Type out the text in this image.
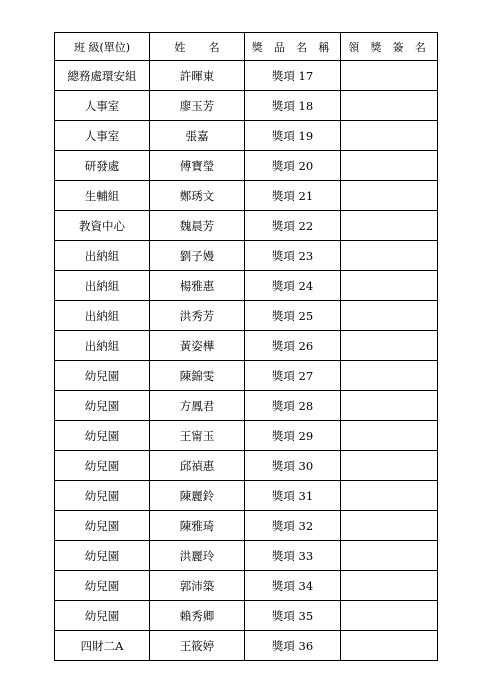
班 級(單位)	姓 名	獎 品 名 稱	領 獎 簽 名
總務處環安組	許暉東	獎項 17	
人事室	廖玉芳	獎項 18	
人事室	張嘉	獎項 19	
研發處	傅寶瑩	獎項 20	
生輔組	鄭琇文	獎項 21	
教資中心	魏晨芳	獎項 22	
出納組	劉子嫚	獎項 23	
出納組	楊雅惠	獎項 24	
出納組	洪秀芳	獎項 25	
出納組	黃姿樺	獎項 26	
幼兒園	陳錦雯	獎項 27	
幼兒園	方鳳君	獎項 28	
幼兒園	王甯玉	獎項 29	
幼兒園	邱禎惠	獎項 30	
幼兒園	陳麗鈴	獎項 31	
幼兒園	陳雅琦	獎項 32	
幼兒園	洪麗玲	獎項 33	
幼兒園	郭沛築	獎項 34	
幼兒園	賴秀卿	獎項 35	
四財二A	王筱婷	獎項 36	
